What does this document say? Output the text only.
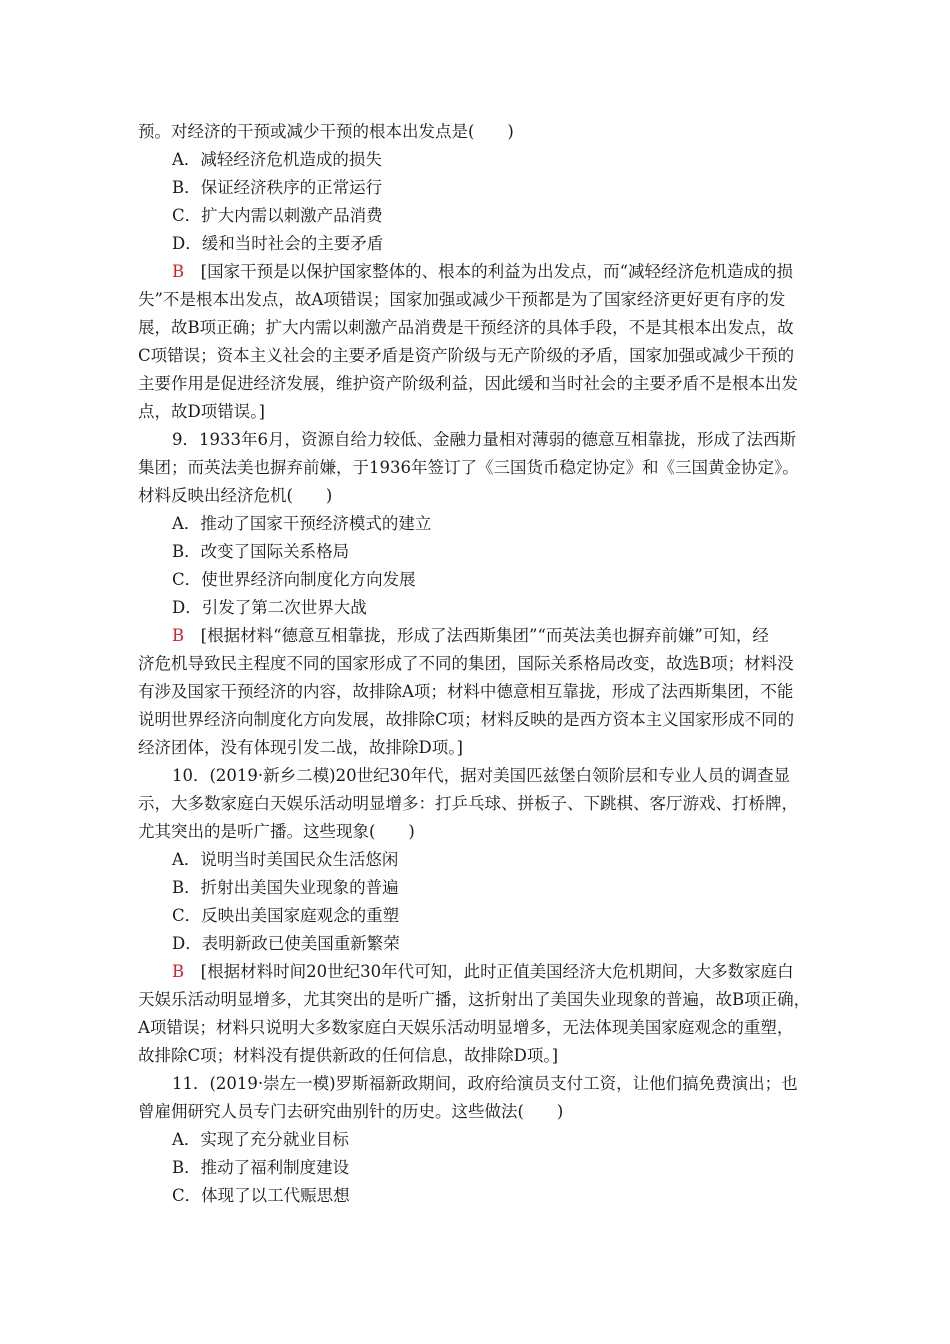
预。对经济的干预或减少干预的根本出发点是(　　)
A．减轻经济危机造成的损失
B．保证经济秩序的正常运行
C．扩大内需以刺激产品消费
D．缓和当时社会的主要矛盾
B　 [国家干预是以保护国家整体的、根本的利益为出发点，而“减轻经济危机造成的损
失”不是根本出发点，故A项错误；国家加强或减少干预都是为了国家经济更好更有序的发
展，故B项正确；扩大内需以刺激产品消费是干预经济的具体手段，不是其根本出发点，故
C项错误；资本主义社会的主要矛盾是资产阶级与无产阶级的矛盾，国家加强或减少干预的
主要作用是促进经济发展，维护资产阶级利益，因此缓和当时社会的主要矛盾不是根本出发
点，故D项错误。]
9．1933年6月，资源自给力较低、金融力量相对薄弱的德意互相靠拢，形成了法西斯
集团；而英法美也摒弃前嫌，于1936年签订了《三国货币稳定协定》和《三国黄金协定》。
材料反映出经济危机(　　)
A．推动了国家干预经济模式的建立
B．改变了国际关系格局
C．使世界经济向制度化方向发展
D．引发了第二次世界大战
B　 [根据材料“德意互相靠拢，形成了法西斯集团”“而英法美也摒弃前嫌”可知，经
济危机导致民主程度不同的国家形成了不同的集团，国际关系格局改变，故选B项；材料没
有涉及国家干预经济的内容，故排除A项；材料中德意相互靠拢，形成了法西斯集团，不能
说明世界经济向制度化方向发展，故排除C项；材料反映的是西方资本主义国家形成不同的
经济团体，没有体现引发二战，故排除D项。]
10．(2019·新乡二模)20世纪30年代，据对美国匹兹堡白领阶层和专业人员的调查显
示，大多数家庭白天娱乐活动明显增多：打乒乓球、拼板子、下跳棋、客厅游戏、打桥牌，
尤其突出的是听广播。这些现象(　　)
A．说明当时美国民众生活悠闲
B．折射出美国失业现象的普遍
C．反映出美国家庭观念的重塑
D．表明新政已使美国重新繁荣
B　 [根据材料时间20世纪30年代可知，此时正值美国经济大危机期间，大多数家庭白
天娱乐活动明显增多，尤其突出的是听广播，这折射出了美国失业现象的普遍，故B项正确，
A项错误；材料只说明大多数家庭白天娱乐活动明显增多，无法体现美国家庭观念的重塑，
故排除C项；材料没有提供新政的任何信息，故排除D项。]
11．(2019·崇左一模)罗斯福新政期间，政府给演员支付工资，让他们搞免费演出；也
曾雇佣研究人员专门去研究曲别针的历史。这些做法(　　)
A．实现了充分就业目标
B．推动了福利制度建设
C．体现了以工代赈思想
